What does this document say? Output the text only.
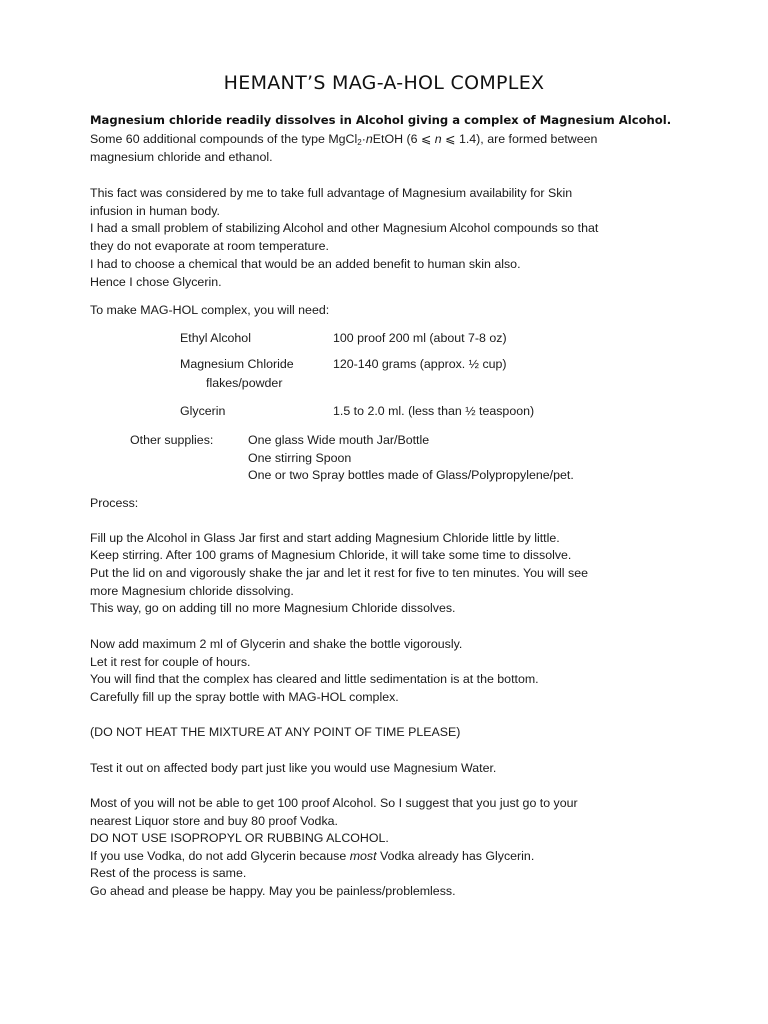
HEMANT’S MAG-A-HOL COMPLEX
Magnesium chloride readily dissolves in Alcohol giving a complex of Magnesium Alcohol.
Some 60 additional compounds of the type MgCl$_2$·nEtOH (6 ⩽ n ⩽ 1.4), are formed between
magnesium chloride and ethanol.
This fact was considered by me to take full advantage of Magnesium availability for Skin
infusion in human body.
I had a small problem of stabilizing Alcohol and other Magnesium Alcohol compounds so that
they do not evaporate at room temperature.
I had to choose a chemical that would be an added benefit to human skin also.
Hence I chose Glycerin.
To make MAG-HOL complex, you will need:
Ethyl Alcohol	100 proof 200 ml (about 7-8 oz)
Magnesium Chloride	120-140 grams (approx. ½ cup)
flakes/powder
Glycerin	1.5 to 2.0 ml. (less than ½ teaspoon)
Other supplies:	One glass Wide mouth Jar/Bottle
One stirring Spoon
One or two Spray bottles made of Glass/Polypropylene/pet.
Process:
Fill up the Alcohol in Glass Jar first and start adding Magnesium Chloride little by little.
Keep stirring. After 100 grams of Magnesium Chloride, it will take some time to dissolve.
Put the lid on and vigorously shake the jar and let it rest for five to ten minutes. You will see
more Magnesium chloride dissolving.
This way, go on adding till no more Magnesium Chloride dissolves.
Now add maximum 2 ml of Glycerin and shake the bottle vigorously.
Let it rest for couple of hours.
You will find that the complex has cleared and little sedimentation is at the bottom.
Carefully fill up the spray bottle with MAG-HOL complex.
(DO NOT HEAT THE MIXTURE AT ANY POINT OF TIME PLEASE)
Test it out on affected body part just like you would use Magnesium Water.
Most of you will not be able to get 100 proof Alcohol. So I suggest that you just go to your
nearest Liquor store and buy 80 proof Vodka.
DO NOT USE ISOPROPYL OR RUBBING ALCOHOL.
If you use Vodka, do not add Glycerin because most Vodka already has Glycerin.
Rest of the process is same.
Go ahead and please be happy. May you be painless/problemless.
